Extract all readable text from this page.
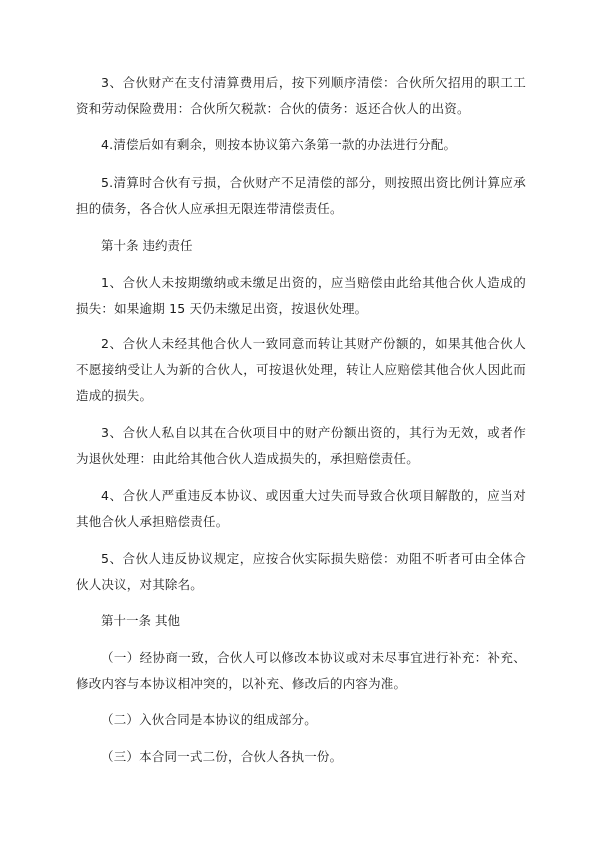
3、合伙财产在支付清算费用后，按下列顺序清偿：合伙所欠招用的职工工资和劳动保险费用：合伙所欠税款：合伙的债务：返还合伙人的出资。

4.清偿后如有剩余，则按本协议第六条第一款的办法进行分配。

5.清算时合伙有亏损，合伙财产不足清偿的部分，则按照出资比例计算应承担的债务，各合伙人应承担无限连带清偿责任。

第十条 违约责任

1、合伙人未按期缴纳或未缴足出资的，应当赔偿由此给其他合伙人造成的损失：如果逾期 15 天仍未缴足出资，按退伙处理。

2、合伙人未经其他合伙人一致同意而转让其财产份额的，如果其他合伙人不愿接纳受让人为新的合伙人，可按退伙处理，转让人应赔偿其他合伙人因此而造成的损失。

3、合伙人私自以其在合伙项目中的财产份额出资的，其行为无效，或者作为退伙处理：由此给其他合伙人造成损失的，承担赔偿责任。

4、合伙人严重违反本协议、或因重大过失而导致合伙项目解散的，应当对其他合伙人承担赔偿责任。

5、合伙人违反协议规定，应按合伙实际损失赔偿：劝阻不听者可由全体合伙人决议，对其除名。

第十一条 其他

（一）经协商一致，合伙人可以修改本协议或对未尽事宜进行补充：补充、修改内容与本协议相冲突的，以补充、修改后的内容为准。

（二）入伙合同是本协议的组成部分。

（三）本合同一式二份，合伙人各执一份。
